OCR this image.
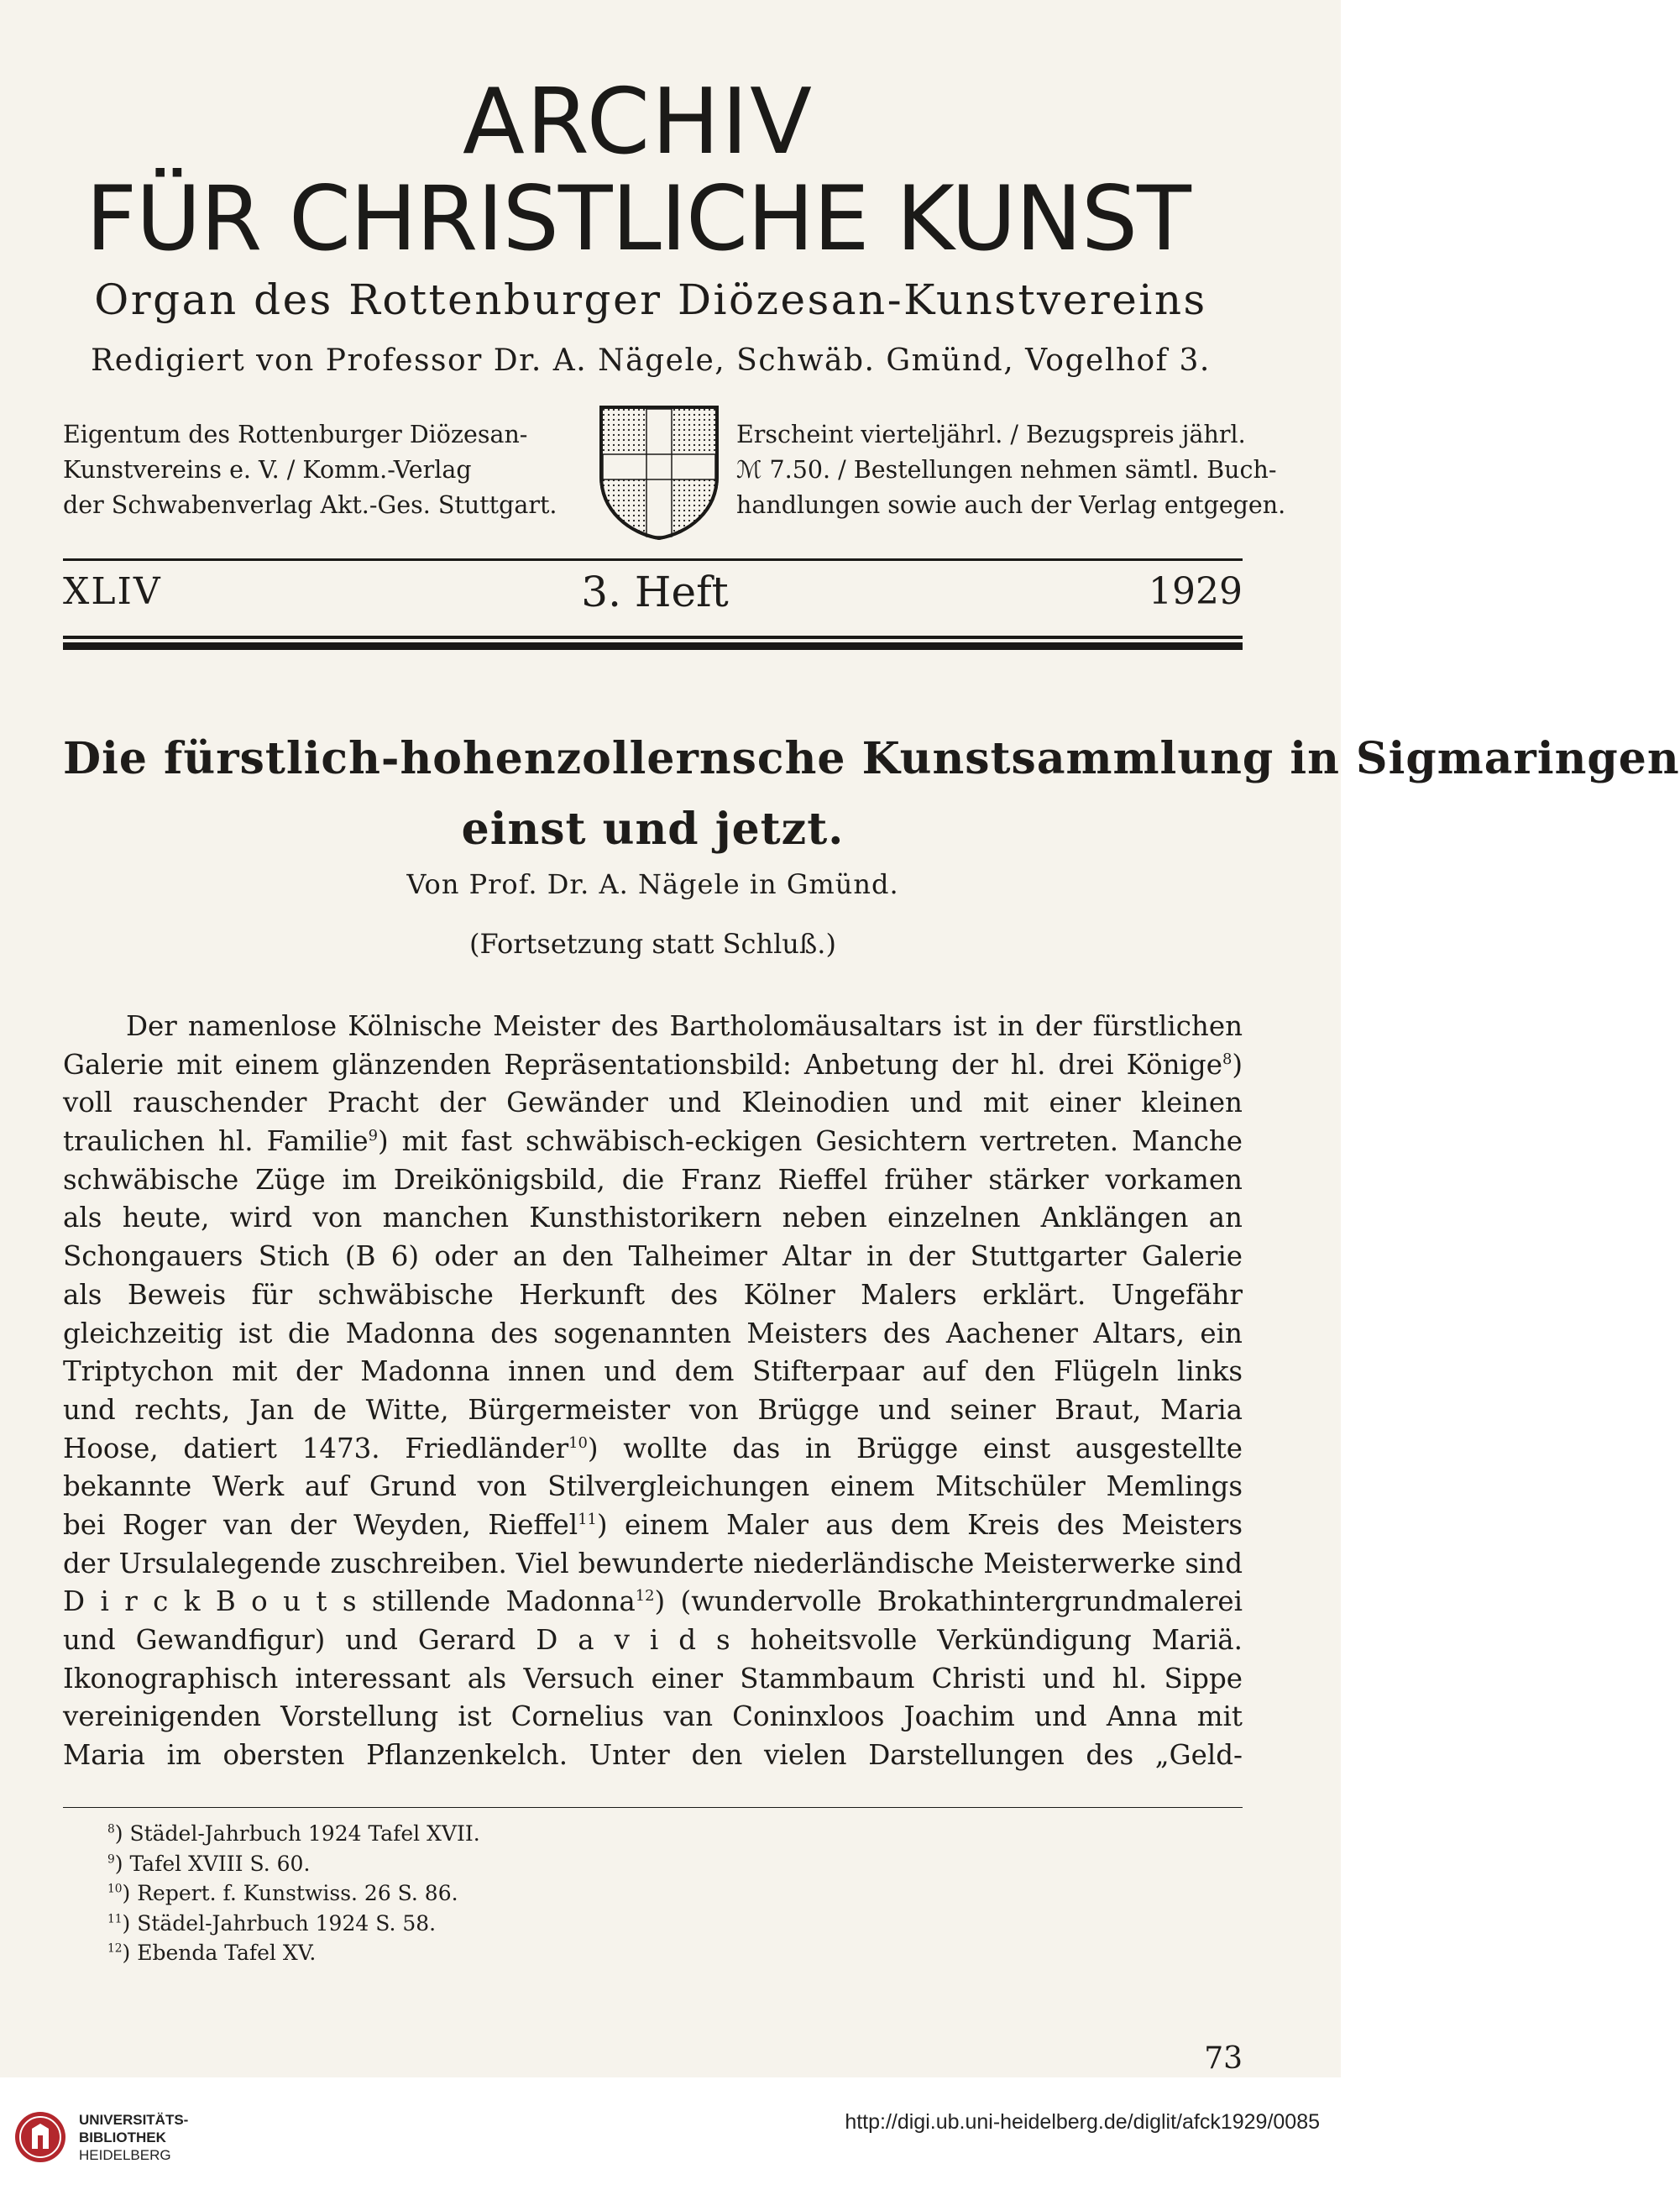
ARCHIV
FÜR CHRISTLICHE KUNST
Organ des Rottenburger Diözesan-Kunstvereins
Redigiert von Professor Dr. A. Nägele, Schwäb. Gmünd, Vogelhof 3.
Eigentum des Rottenburger Diözesan-
Kunstvereins e. V. / Komm.-Verlag
der Schwabenverlag Akt.-Ges. Stuttgart.
Erscheint vierteljährl. / Bezugspreis jährl.
ℳ 7.50. / Bestellungen nehmen sämtl. Buch-
handlungen sowie auch der Verlag entgegen.
XLIV	3. Heft	1929
Die fürstlich-hohenzollernsche Kunstsammlung in Sigmaringen
einst und jetzt.
Von Prof. Dr. A. Nägele in Gmünd.
(Fortsetzung statt Schluß.)
Der namenlose Kölnische Meister des Bartholomäusaltars ist in der fürstlichen
Galerie mit einem glänzenden Repräsentationsbild: Anbetung der hl. drei Könige$^8$)
voll rauschender Pracht der Gewänder und Kleinodien und mit einer kleinen
traulichen hl. Familie$^9$) mit fast schwäbisch-eckigen Gesichtern vertreten. Manche
schwäbische Züge im Dreikönigsbild, die Franz Rieffel früher stärker vorkamen
als heute, wird von manchen Kunsthistorikern neben einzelnen Anklängen an
Schongauers Stich (B 6) oder an den Talheimer Altar in der Stuttgarter Galerie
als Beweis für schwäbische Herkunft des Kölner Malers erklärt. Ungefähr
gleichzeitig ist die Madonna des sogenannten Meisters des Aachener Altars, ein
Triptychon mit der Madonna innen und dem Stifterpaar auf den Flügeln links
und rechts, Jan de Witte, Bürgermeister von Brügge und seiner Braut, Maria
Hoose, datiert 1473. Friedländer$^{10}$) wollte das in Brügge einst ausgestellte
bekannte Werk auf Grund von Stilvergleichungen einem Mitschüler Memlings
bei Roger van der Weyden, Rieffel$^{11}$) einem Maler aus dem Kreis des Meisters
der Ursulalegende zuschreiben. Viel bewunderte niederländische Meisterwerke sind
D i r c k B o u t s stillende Madonna$^{12}$) (wundervolle Brokathintergrundmalerei
und Gewandfigur) und Gerard D a v i d s hoheitsvolle Verkündigung Mariä.
Ikonographisch interessant als Versuch einer Stammbaum Christi und hl. Sippe
vereinigenden Vorstellung ist Cornelius van Coninxloos Joachim und Anna mit
Maria im obersten Pflanzenkelch. Unter den vielen Darstellungen des „Geld-
$^8$) Städel-Jahrbuch 1924 Tafel XVII.
$^9$) Tafel XVIII S. 60.
$^{10}$) Repert. f. Kunstwiss. 26 S. 86.
$^{11}$) Städel-Jahrbuch 1924 S. 58.
$^{12}$) Ebenda Tafel XV.
73
UNIVERSITÄTS-
BIBLIOTHEK
HEIDELBERG
http://digi.ub.uni-heidelberg.de/diglit/afck1929/0085
